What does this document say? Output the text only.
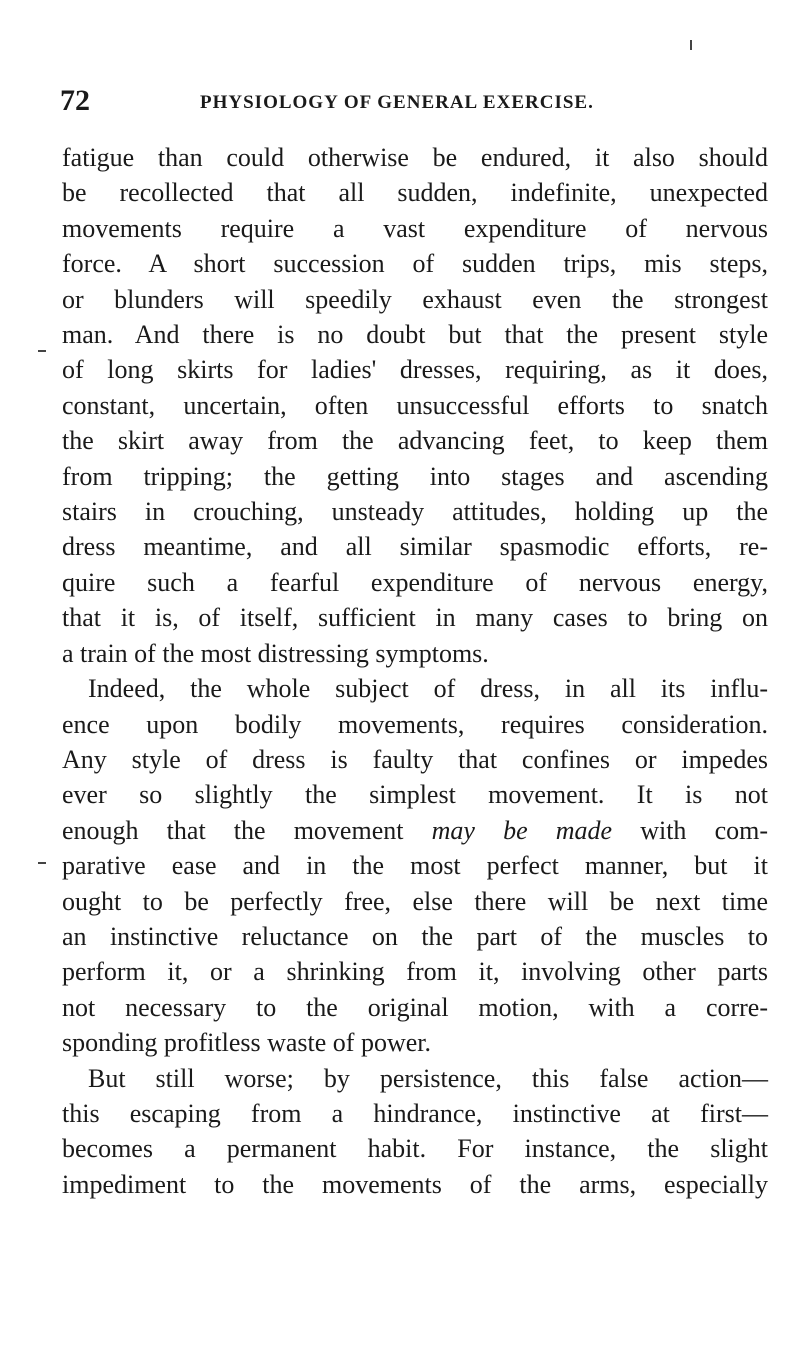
72	PHYSIOLOGY OF GENERAL EXERCISE.
fatigue than could otherwise be endured, it also should
be recollected that all sudden, indefinite, unexpected
movements require a vast expenditure of nervous
force. A short succession of sudden trips, mis steps,
or blunders will speedily exhaust even the strongest
man. And there is no doubt but that the present style
of long skirts for ladies' dresses, requiring, as it does,
constant, uncertain, often unsuccessful efforts to snatch
the skirt away from the advancing feet, to keep them
from tripping; the getting into stages and ascending
stairs in crouching, unsteady attitudes, holding up the
dress meantime, and all similar spasmodic efforts, re-
quire such a fearful expenditure of nervous energy,
that it is, of itself, sufficient in many cases to bring on
a train of the most distressing symptoms.
Indeed, the whole subject of dress, in all its influ-
ence upon bodily movements, requires consideration.
Any style of dress is faulty that confines or impedes
ever so slightly the simplest movement. It is not
enough that the movement may be made with com-
parative ease and in the most perfect manner, but it
ought to be perfectly free, else there will be next time
an instinctive reluctance on the part of the muscles to
perform it, or a shrinking from it, involving other parts
not necessary to the original motion, with a corre-
sponding profitless waste of power.
But still worse; by persistence, this false action—
this escaping from a hindrance, instinctive at first—
becomes a permanent habit. For instance, the slight
impediment to the movements of the arms, especially
